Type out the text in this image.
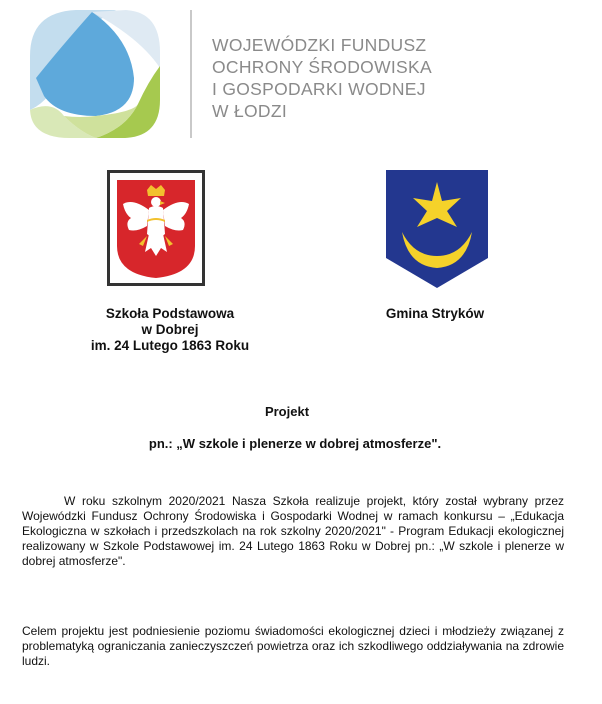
WOJEWÓDZKI FUNDUSZ
OCHRONY ŚRODOWISKA
I GOSPODARKI WODNEJ
W ŁODZI
Szkoła Podstawowa
w Dobrej
im. 24 Lutego 1863 Roku
Gmina Stryków
Projekt
pn.: „W szkole i plenerze w dobrej atmosferze".
W roku szkolnym 2020/2021 Nasza Szkoła realizuje projekt, który został wybrany przez Wojewódzki Fundusz Ochrony Środowiska i Gospodarki Wodnej w ramach konkursu – „Edukacja Ekologiczna w szkołach i przedszkolach na rok szkolny 2020/2021" - Program Edukacji ekologicznej realizowany w Szkole Podstawowej im. 24 Lutego 1863 Roku w Dobrej pn.: „W szkole i plenerze w dobrej atmosferze".
Celem projektu jest podniesienie poziomu świadomości ekologicznej dzieci i młodzieży związanej z problematyką ograniczania zanieczyszczeń powietrza oraz ich szkodliwego oddziaływania na zdrowie ludzi.
